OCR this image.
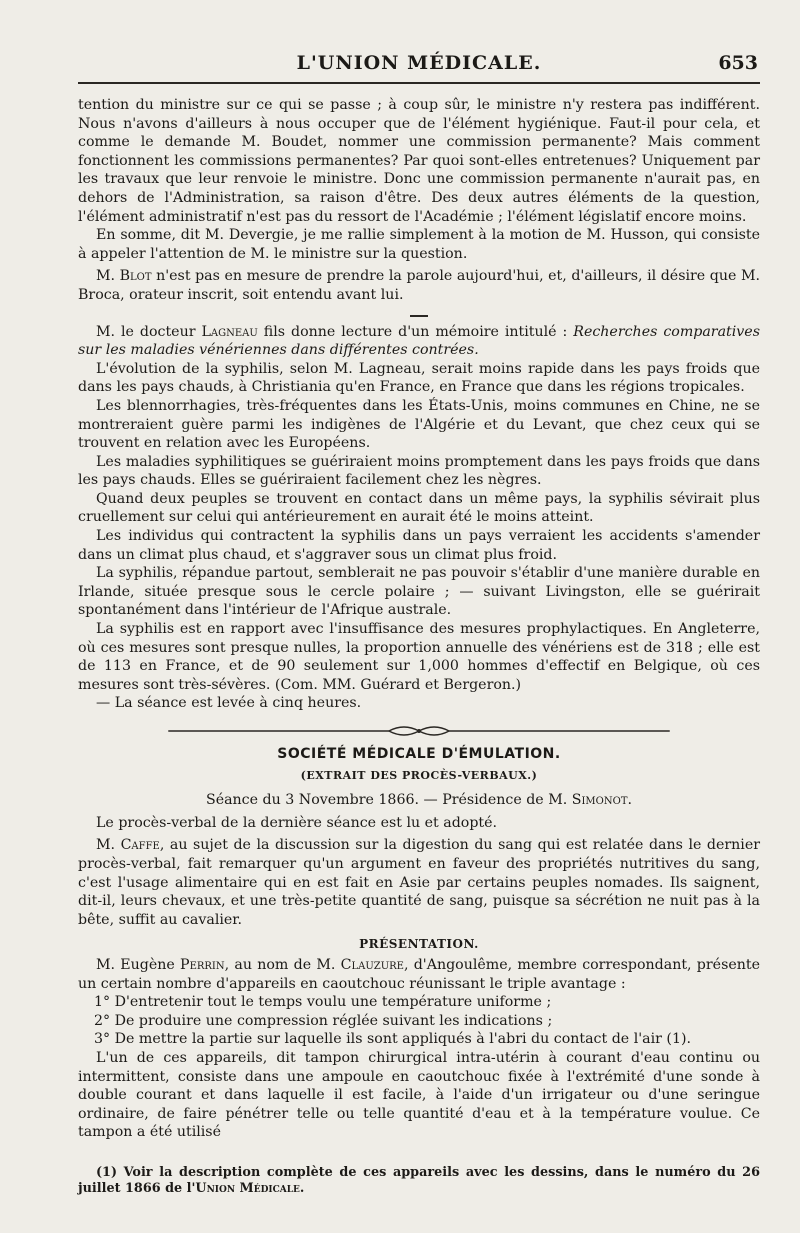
L'UNION MÉDICALE.	653

tention du ministre sur ce qui se passe ; à coup sûr, le ministre n'y restera pas indifférent. Nous n'avons d'ailleurs à nous occuper que de l'élément hygiénique. Faut-il pour cela, et comme le demande M. Boudet, nommer une commission permanente? Mais comment fonctionnent les commissions permanentes? Par quoi sont-elles entretenues? Uniquement par les travaux que leur renvoie le ministre. Donc une commission permanente n'aurait pas, en dehors de l'Administration, sa raison d'être. Des deux autres éléments de la question, l'élément administratif n'est pas du ressort de l'Académie ; l'élément législatif encore moins.

En somme, dit M. Devergie, je me rallie simplement à la motion de M. Husson, qui consiste à appeler l'attention de M. le ministre sur la question.

M. Blot n'est pas en mesure de prendre la parole aujourd'hui, et, d'ailleurs, il désire que M. Broca, orateur inscrit, soit entendu avant lui.

M. le docteur Lagneau fils donne lecture d'un mémoire intitulé : Recherches comparatives sur les maladies vénériennes dans différentes contrées.

L'évolution de la syphilis, selon M. Lagneau, serait moins rapide dans les pays froids que dans les pays chauds, à Christiania qu'en France, en France que dans les régions tropicales.

Les blennorrhagies, très-fréquentes dans les États-Unis, moins communes en Chine, ne se montreraient guère parmi les indigènes de l'Algérie et du Levant, que chez ceux qui se trouvent en relation avec les Européens.

Les maladies syphilitiques se guériraient moins promptement dans les pays froids que dans les pays chauds. Elles se guériraient facilement chez les nègres.

Quand deux peuples se trouvent en contact dans un même pays, la syphilis sévirait plus cruellement sur celui qui antérieurement en aurait été le moins atteint.

Les individus qui contractent la syphilis dans un pays verraient les accidents s'amender dans un climat plus chaud, et s'aggraver sous un climat plus froid.

La syphilis, répandue partout, semblerait ne pas pouvoir s'établir d'une manière durable en Irlande, située presque sous le cercle polaire ; — suivant Livingston, elle se guérirait spontanément dans l'intérieur de l'Afrique australe.

La syphilis est en rapport avec l'insuffisance des mesures prophylactiques. En Angleterre, où ces mesures sont presque nulles, la proportion annuelle des vénériens est de 318 ; elle est de 113 en France, et de 90 seulement sur 1,000 hommes d'effectif en Belgique, où ces mesures sont très-sévères. (Com. MM. Guérard et Bergeron.)

— La séance est levée à cinq heures.

SOCIÉTÉ MÉDICALE D'ÉMULATION.
(EXTRAIT DES PROCÈS-VERBAUX.)
Séance du 3 Novembre 1866. — Présidence de M. Simonot.

Le procès-verbal de la dernière séance est lu et adopté.

M. Caffe, au sujet de la discussion sur la digestion du sang qui est relatée dans le dernier procès-verbal, fait remarquer qu'un argument en faveur des propriétés nutritives du sang, c'est l'usage alimentaire qui en est fait en Asie par certains peuples nomades. Ils saignent, dit-il, leurs chevaux, et une très-petite quantité de sang, puisque sa sécrétion ne nuit pas à la bête, suffit au cavalier.

PRÉSENTATION.

M. Eugène Perrin, au nom de M. Clauzure, d'Angoulême, membre correspondant, présente un certain nombre d'appareils en caoutchouc réunissant le triple avantage :

1° D'entretenir tout le temps voulu une température uniforme ;

2° De produire une compression réglée suivant les indications ;

3° De mettre la partie sur laquelle ils sont appliqués à l'abri du contact de l'air (1).

L'un de ces appareils, dit tampon chirurgical intra-utérin à courant d'eau continu ou intermittent, consiste dans une ampoule en caoutchouc fixée à l'extrémité d'une sonde à double courant et dans laquelle il est facile, à l'aide d'un irrigateur ou d'une seringue ordinaire, de faire pénétrer telle ou telle quantité d'eau et à la température voulue. Ce tampon a été utilisé

(1) Voir la description complète de ces appareils avec les dessins, dans le numéro du 26 juillet 1866 de l'Union Médicale.
